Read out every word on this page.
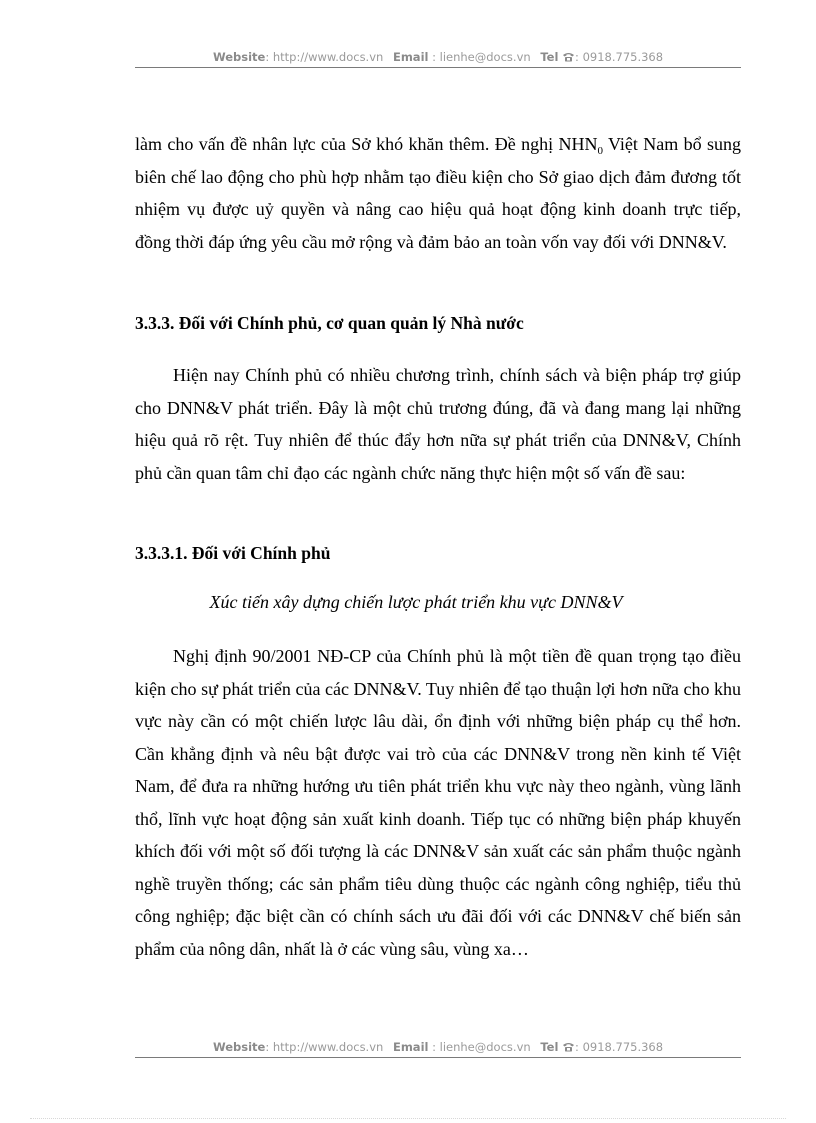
Website: http://www.docs.vn Email : lienhe@docs.vn Tel : 0918.775.368

làm cho vấn đề nhân lực của Sở khó khăn thêm. Đề nghị $NHN_0$ Việt Nam bổ sung biên chế lao động cho phù hợp nhằm tạo điều kiện cho Sở giao dịch đảm đương tốt nhiệm vụ được uỷ quyền và nâng cao hiệu quả hoạt động kinh doanh trực tiếp, đồng thời đáp ứng yêu cầu mở rộng và đảm bảo an toàn vốn vay đối với DNN&V.

3.3.3. Đối với Chính phủ, cơ quan quản lý Nhà nước

Hiện nay Chính phủ có nhiều chương trình, chính sách và biện pháp trợ giúp cho DNN&V phát triển. Đây là một chủ trương đúng, đã và đang mang lại những hiệu quả rõ rệt. Tuy nhiên để thúc đẩy hơn nữa sự phát triển của DNN&V, Chính phủ cần quan tâm chỉ đạo các ngành chức năng thực hiện một số vấn đề sau:

3.3.3.1. Đối với Chính phủ

Xúc tiến xây dựng chiến lược phát triển khu vực DNN&V

Nghị định 90/2001 NĐ-CP của Chính phủ là một tiền đề quan trọng tạo điều kiện cho sự phát triển của các DNN&V. Tuy nhiên để tạo thuận lợi hơn nữa cho khu vực này cần có một chiến lược lâu dài, ổn định với những biện pháp cụ thể hơn. Cần khẳng định và nêu bật được vai trò của các DNN&V trong nền kinh tế Việt Nam, để đưa ra những hướng ưu tiên phát triển khu vực này theo ngành, vùng lãnh thổ, lĩnh vực hoạt động sản xuất kinh doanh. Tiếp tục có những biện pháp khuyến khích đối với một số đối tượng là các DNN&V sản xuất các sản phẩm thuộc ngành nghề truyền thống; các sản phẩm tiêu dùng thuộc các ngành công nghiệp, tiểu thủ công nghiệp; đặc biệt cần có chính sách ưu đãi đối với các DNN&V chế biến sản phẩm của nông dân, nhất là ở các vùng sâu, vùng xa…

Website: http://www.docs.vn Email : lienhe@docs.vn Tel : 0918.775.368
